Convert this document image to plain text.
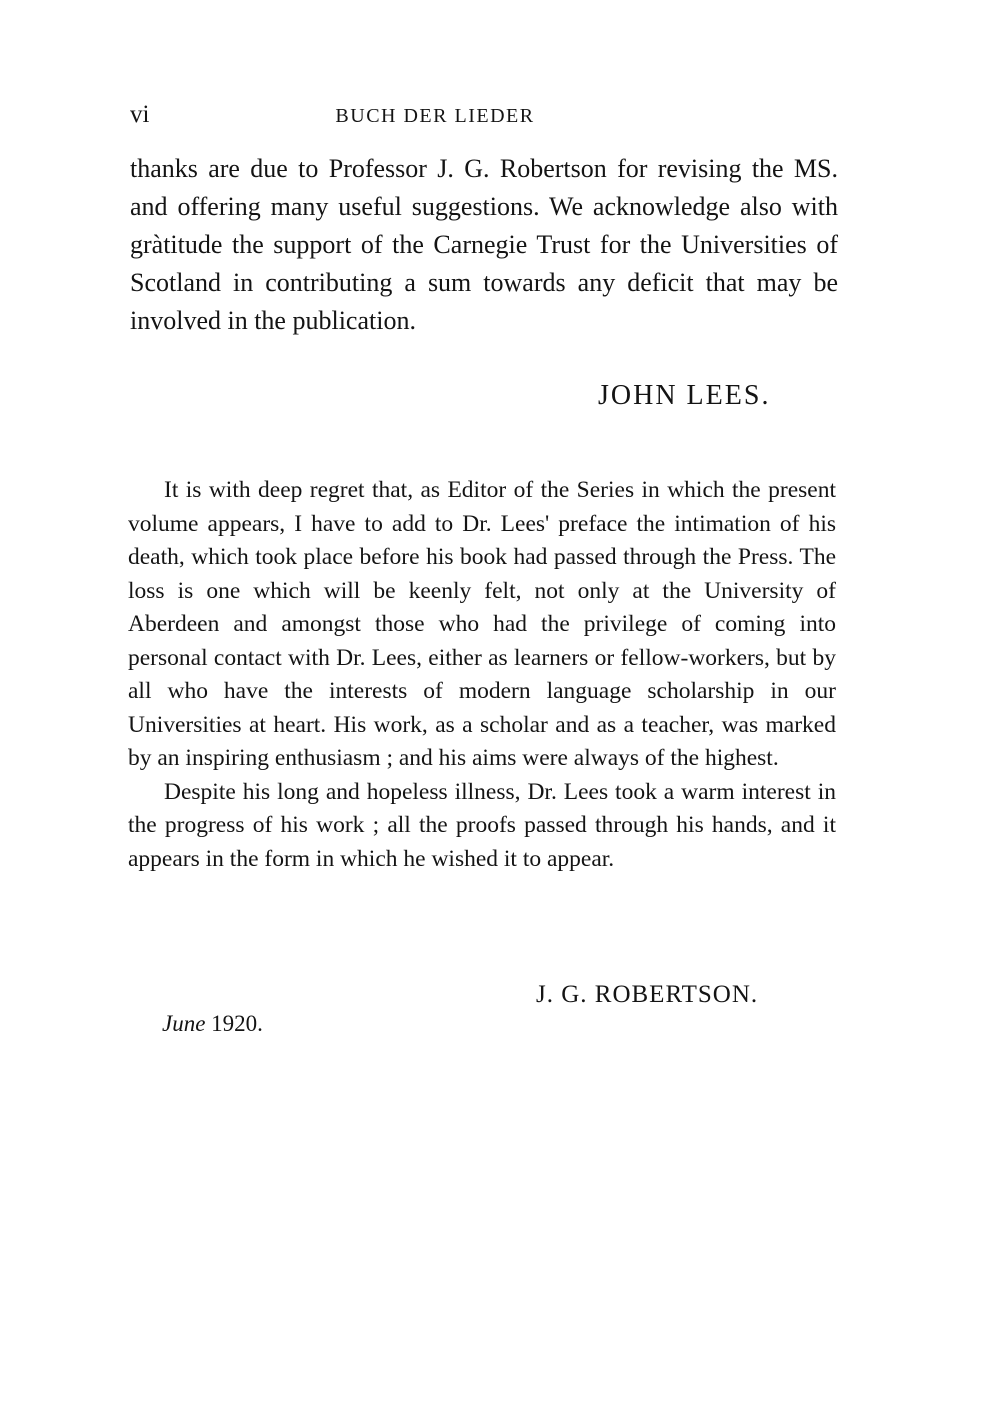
vi	BUCH DER LIEDER

thanks are due to Professor J. G. Robertson for revising the MS. and offering many useful suggestions. We acknowledge also with gràtitude the support of the Carnegie Trust for the Universities of Scotland in contributing a sum towards any deficit that may be involved in the publication.

JOHN LEES.

It is with deep regret that, as Editor of the Series in which the present volume appears, I have to add to Dr. Lees' preface the intimation of his death, which took place before his book had passed through the Press. The loss is one which will be keenly felt, not only at the University of Aberdeen and amongst those who had the privilege of coming into personal contact with Dr. Lees, either as learners or fellow-workers, but by all who have the interests of modern language scholarship in our Universities at heart. His work, as a scholar and as a teacher, was marked by an inspiring enthusiasm ; and his aims were always of the highest.

Despite his long and hopeless illness, Dr. Lees took a warm interest in the progress of his work ; all the proofs passed through his hands, and it appears in the form in which he wished it to appear.

J. G. ROBERTSON.
June 1920.
